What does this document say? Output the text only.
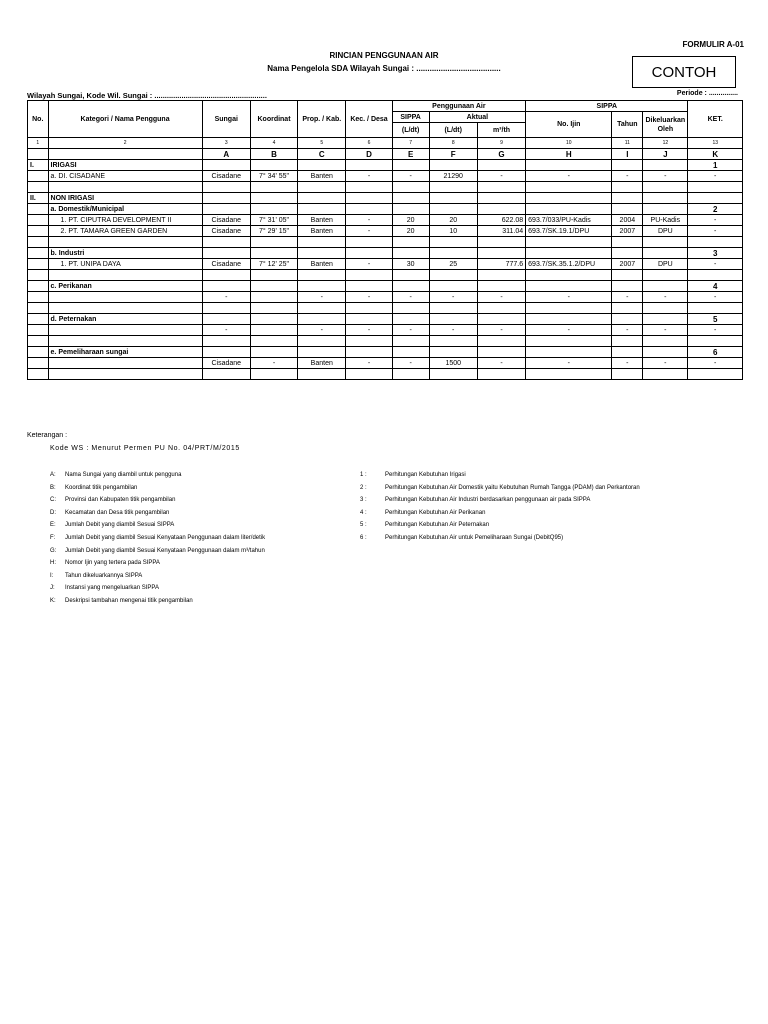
FORMULIR A-01
RINCIAN PENGGUNAAN AIR
Nama Pengelola SDA Wilayah Sungai : ......................................	CONTOH
Periode : ...............
Wilayah Sungai, Kode Wil. Sungai : ......................................................
No.	Kategori / Nama Pengguna	Sungai	Koordinat	Prop. / Kab.	Kec. / Desa	Penggunaan Air			SIPPA			KET.
						SIPPA	Aktual		No. Ijin	Tahun	Dikeluarkan Oleh	
						(L/dt)	(L/dt)	m³/th				
1	2	3	4	5	6	7	8	9	10	11	12	13
		A	B	C	D	E	F	G	H	I	J	K
I.	IRIGASI											1
	a. DI. CISADANE	Cisadane	7° 34' 55"	Banten	-	-	21290	-	-	-	-	-

II.	NON IRIGASI											
	a. Domestik/Municipal											2
	1. PT. CIPUTRA DEVELOPMENT II	Cisadane	7° 31' 05"	Banten	-	20	20	622.08	693.7/033/PU-Kadis	2004	PU-Kadis	-
	2. PT. TAMARA GREEN GARDEN	Cisadane	7° 29' 15"	Banten	-	20	10	311.04	693.7/SK.19.1/DPU	2007	DPU	-

	b. Industri											3
	1. PT. UNIPA DAYA	Cisadane	7° 12' 25"	Banten	-	30	25	777.6	693.7/SK.35.1.2/DPU	2007	DPU	-

	c. Perikanan											4
		-		-	-	-	-	-	-	-	-	-

	d. Peternakan											5
		-		-	-	-	-	-	-	-	-	-

	e. Pemeliharaan sungai											6
		Cisadane	-	Banten	-	-	1500	-	-	-	-	-

Keterangan :
Kode WS : Menurut Permen PU No. 04/PRT/M/2015
A: Nama Sungai yang diambil untuk pengguna
B: Koordinat titik pengambilan
C: Provinsi dan Kabupaten titik pengambilan
D: Kecamatan dan Desa titik pengambilan
E: Jumlah Debit yang diambil Sesuai SIPPA
F: Jumlah Debit yang diambil Sesuai Kenyataan Penggunaan dalam liter/detik
G: Jumlah Debit yang diambil Sesuai Kenyataan Penggunaan dalam m³/tahun
H: Nomor Ijin yang tertera pada SIPPA
I: Tahun dikeluarkannya SIPPA
J: Instansi yang mengeluarkan SIPPA
K: Deskripsi tambahan mengenai titik pengambilan
1 :	Perhitungan Kebutuhan Irigasi
2 :	Perhitungan Kebutuhan Air Domestik yaitu Kebutuhan Rumah Tangga (PDAM) dan Perkantoran
3 :	Perhitungan Kebutuhan Air Industri berdasarkan penggunaan air pada SIPPA
4 :	Perhitungan Kebutuhan Air Perikanan
5 :	Perhitungan Kebutuhan Air Peternakan
6 :	Perhitungan Kebutuhan Air untuk Pemeliharaan Sungai (DebitQ95)
